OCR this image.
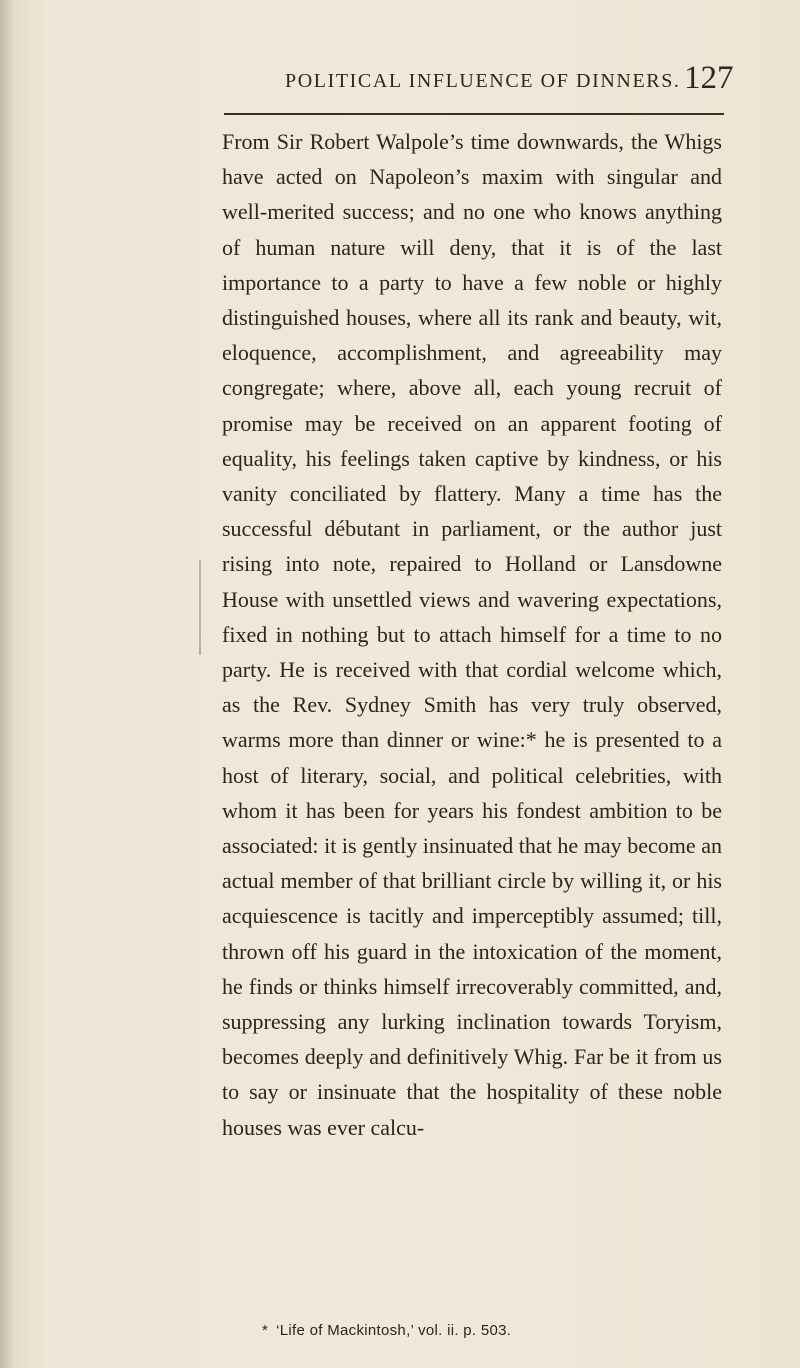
POLITICAL INFLUENCE OF DINNERS. 127

From Sir Robert Walpole’s time downwards, the Whigs have acted on Napoleon’s maxim with singular and well-merited success; and no one who knows anything of human nature will deny, that it is of the last importance to a party to have a few noble or highly distinguished houses, where all its rank and beauty, wit, eloquence, accomplishment, and agreeability may congregate; where, above all, each young recruit of promise may be received on an apparent footing of equality, his feelings taken captive by kindness, or his vanity conciliated by flattery. Many a time has the successful débutant in parliament, or the author just rising into note, repaired to Holland or Lansdowne House with unsettled views and wavering expectations, fixed in nothing but to attach himself for a time to no party. He is received with that cordial welcome which, as the Rev. Sydney Smith has very truly observed, warms more than dinner or wine:* he is presented to a host of literary, social, and political celebrities, with whom it has been for years his fondest ambition to be associated: it is gently insinuated that he may become an actual member of that brilliant circle by willing it, or his acquiescence is tacitly and imperceptibly assumed; till, thrown off his guard in the intoxication of the moment, he finds or thinks himself irrecoverably committed, and, suppressing any lurking inclination towards Toryism, becomes deeply and definitively Whig. Far be it from us to say or insinuate that the hospitality of these noble houses was ever calcu-

* ‘Life of Mackintosh,’ vol. ii. p. 503.
